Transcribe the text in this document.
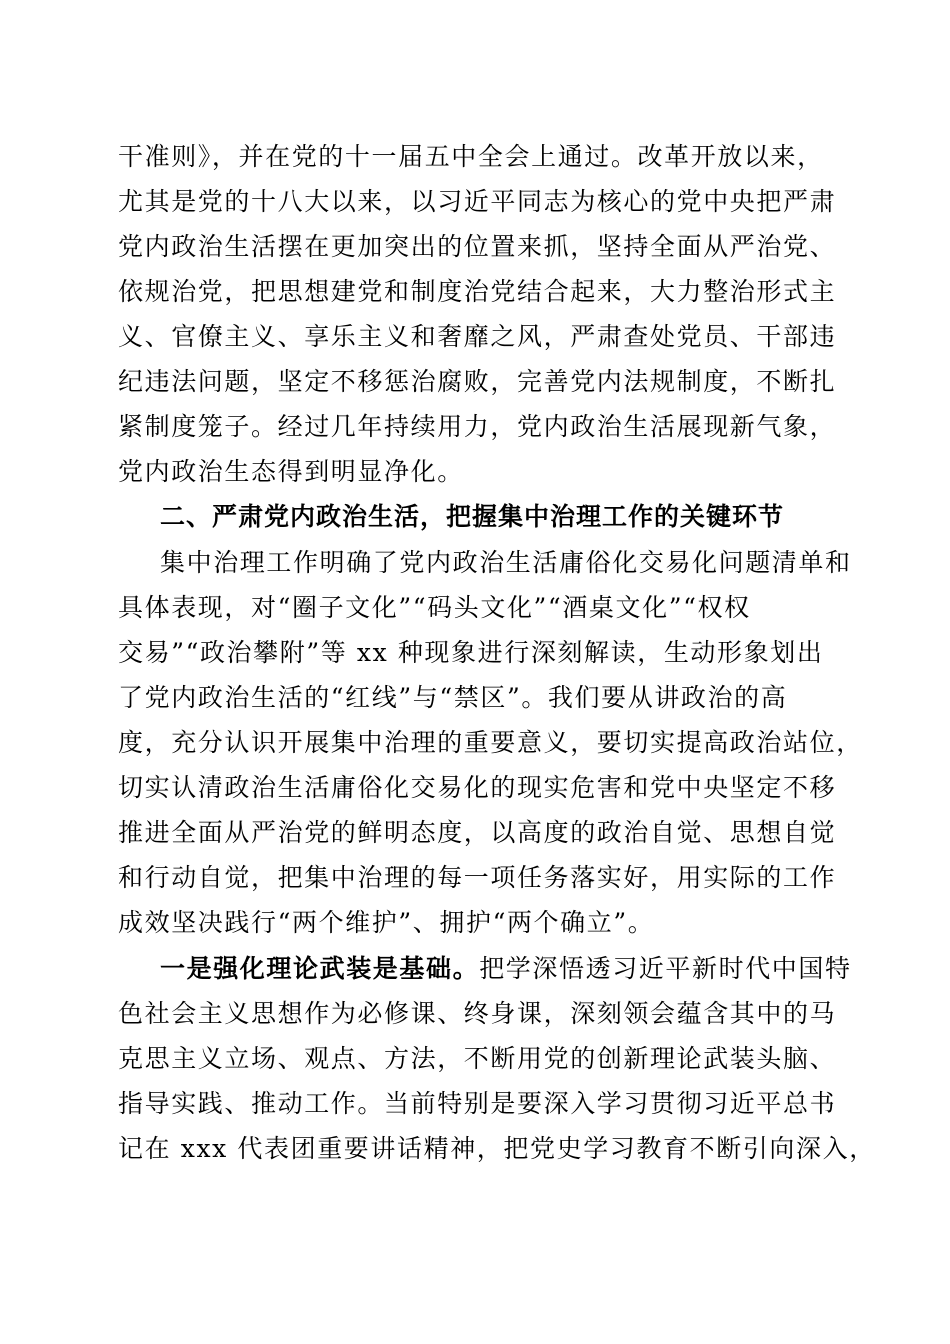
干准则》，并在党的十一届五中全会上通过。改革开放以来，
尤其是党的十八大以来，以习近平同志为核心的党中央把严肃
党内政治生活摆在更加突出的位置来抓，坚持全面从严治党、
依规治党，把思想建党和制度治党结合起来，大力整治形式主
义、官僚主义、享乐主义和奢靡之风，严肃查处党员、干部违
纪违法问题，坚定不移惩治腐败，完善党内法规制度，不断扎
紧制度笼子。经过几年持续用力，党内政治生活展现新气象，
党内政治生态得到明显净化。
二、严肃党内政治生活，把握集中治理工作的关键环节
集中治理工作明确了党内政治生活庸俗化交易化问题清单和
具体表现，对“圈子文化”“码头文化”“酒桌文化”“权权
交易”“政治攀附”等 xx 种现象进行深刻解读，生动形象划出
了党内政治生活的“红线”与“禁区”。我们要从讲政治的高
度，充分认识开展集中治理的重要意义，要切实提高政治站位，
切实认清政治生活庸俗化交易化的现实危害和党中央坚定不移
推进全面从严治党的鲜明态度，以高度的政治自觉、思想自觉
和行动自觉，把集中治理的每一项任务落实好，用实际的工作
成效坚决践行“两个维护”、拥护“两个确立”。
一是强化理论武装是基础。把学深悟透习近平新时代中国特
色社会主义思想作为必修课、终身课，深刻领会蕴含其中的马
克思主义立场、观点、方法，不断用党的创新理论武装头脑、
指导实践、推动工作。当前特别是要深入学习贯彻习近平总书
记在 xxx 代表团重要讲话精神，把党史学习教育不断引向深入，
